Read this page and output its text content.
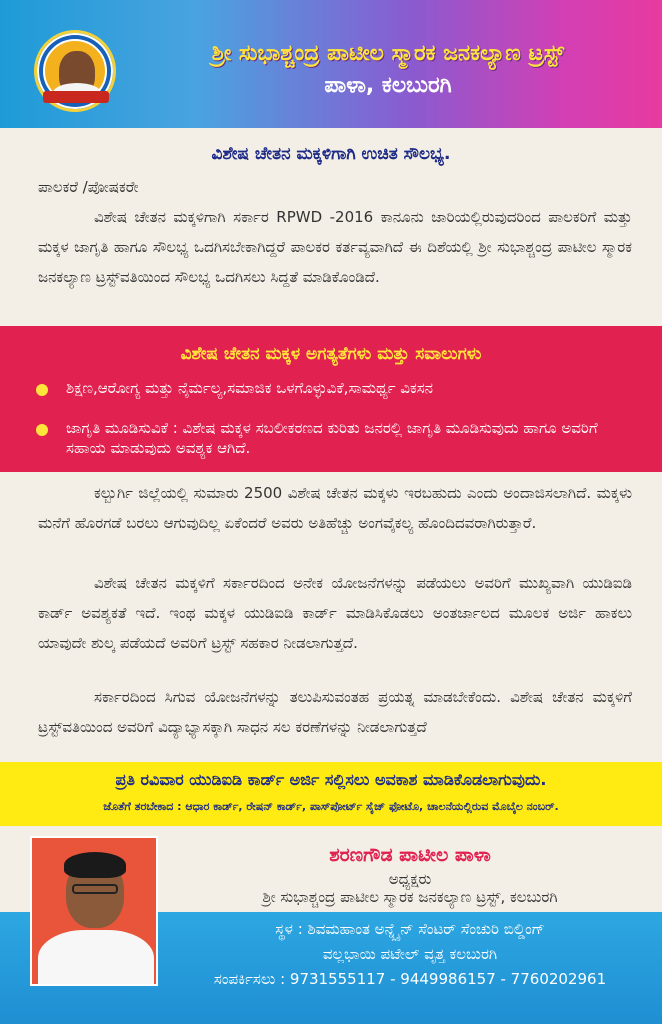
ಶ್ರೀ ಸುಭಾಶ್ಚಂದ್ರ ಪಾಟೀಲ ಸ್ಮಾರಕ ಜನಕಲ್ಯಾಣ ಟ್ರಸ್ಟ್
ಪಾಳಾ, ಕಲಬುರಗಿ
ವಿಶೇಷ ಚೇತನ ಮಕ್ಕಳಿಗಾಗಿ ಉಚಿತ ಸೌಲಭ್ಯ.
ಪಾಲಕರೆ /ಪೋಷಕರೇ
ವಿಶೇಷ ಚೇತನ ಮಕ್ಕಳಿಗಾಗಿ ಸರ್ಕಾರ RPWD -2016 ಕಾನೂನು ಜಾರಿಯಲ್ಲಿರುವುದರಿಂದ ಪಾಲಕರಿಗೆ ಮತ್ತು ಮಕ್ಕಳ ಜಾಗೃತಿ ಹಾಗೂ ಸೌಲಭ್ಯ ಒದಗಿಸಬೇಕಾಗಿದ್ದರೆ ಪಾಲಕರ ಕರ್ತವ್ಯವಾಗಿದೆ ಈ ದಿಶೆಯಲ್ಲಿ ಶ್ರೀ ಸುಭಾಶ್ಚಂದ್ರ ಪಾಟೀಲ ಸ್ಮಾರಕ ಜನಕಲ್ಯಾಣ ಟ್ರಸ್ಟ್‌ವತಿಯಿಂದ ಸೌಲಭ್ಯ ಒದಗಿಸಲು ಸಿದ್ದತೆ ಮಾಡಿಕೊಂಡಿದೆ.
ವಿಶೇಷ ಚೇತನ ಮಕ್ಕಳ ಅಗತ್ಯತೆಗಳು ಮತ್ತು ಸವಾಲುಗಳು
ಶಿಕ್ಷಣ,ಆರೋಗ್ಯ ಮತ್ತು ನೈರ್ಮಲ್ಯ,ಸಮಾಜಿಕ ಒಳಗೊಳ್ಳುವಿಕೆ,ಸಾಮರ್ಥ್ಯ ವಿಕಸನ
ಜಾಗೃತಿ ಮೂಡಿಸುವಿಕೆ : ವಿಶೇಷ ಮಕ್ಕಳ ಸಬಲೀಕರಣದ ಕುರಿತು ಜನರಲ್ಲಿ ಜಾಗೃತಿ ಮೂಡಿಸುವುದು ಹಾಗೂ ಅವರಿಗೆ ಸಹಾಯ ಮಾಡುವುದು ಅವಶ್ಯಕ ಆಗಿದೆ.
ಕಲ್ಬುರ್ಗಿ ಜಿಲ್ಲೆಯಲ್ಲಿ ಸುಮಾರು 2500 ವಿಶೇಷ ಚೇತನ ಮಕ್ಕಳು ಇರಬಹುದು ಎಂದು ಅಂದಾಜಿಸಲಾಗಿದೆ. ಮಕ್ಕಳು ಮನೆಗೆ ಹೊರಗಡೆ ಬರಲು ಆಗುವುದಿಲ್ಲ ಏಕೆಂದರೆ ಅವರು ಅತಿಹೆಚ್ಚು ಅಂಗವೈಕಲ್ಯ ಹೊಂದಿದವರಾಗಿರುತ್ತಾರೆ.
ವಿಶೇಷ ಚೇತನ ಮಕ್ಕಳಿಗೆ ಸರ್ಕಾರದಿಂದ ಅನೇಕ ಯೋಜನೆಗಳನ್ನು ಪಡೆಯಲು ಅವರಿಗೆ ಮುಖ್ಯವಾಗಿ ಯುಡಿಐಡಿ ಕಾರ್ಡ್ ಅವಶ್ಯಕತೆ ಇದೆ. ಇಂಥ ಮಕ್ಕಳ ಯುಡಿಐಡಿ ಕಾರ್ಡ್ ಮಾಡಿಸಿಕೊಡಲು ಅಂತರ್ಜಾಲದ ಮೂಲಕ ಅರ್ಜಿ ಹಾಕಲು ಯಾವುದೇ ಶುಲ್ಕ ಪಡೆಯದೆ ಅವರಿಗೆ ಟ್ರಸ್ಟ್ ಸಹಕಾರ ನೀಡಲಾಗುತ್ತದೆ.
ಸರ್ಕಾರದಿಂದ ಸಿಗುವ ಯೋಜನೆಗಳನ್ನು ತಲುಪಿಸುವಂತಹ ಪ್ರಯತ್ನ ಮಾಡಬೇಕೆಂದು. ವಿಶೇಷ ಚೇತನ ಮಕ್ಕಳಿಗೆ ಟ್ರಸ್ಟ್‌ವತಿಯಿಂದ ಅವರಿಗೆ ವಿದ್ಯಾಭ್ಯಾಸಕ್ಕಾಗಿ ಸಾಧನ ಸಲ ಕರಣೆಗಳನ್ನು ನೀಡಲಾಗುತ್ತದೆ
ಪ್ರತಿ ರವಿವಾರ ಯುಡಿಐಡಿ ಕಾರ್ಡ್ ಅರ್ಜಿ ಸಲ್ಲಿಸಲು ಅವಕಾಶ ಮಾಡಿಕೊಡಲಾಗುವುದು.
ಜೊತೆಗೆ ತರಬೇಕಾದ : ಆಧಾರ ಕಾರ್ಡ್, ರೇಷನ್ ಕಾರ್ಡ್, ಪಾಸ್‌ಪೋರ್ಟ್ ಸೈಜ್ ಫೋಟೊ, ಚಾಲನೆಯಲ್ಲಿರುವ ಮೊಬೈಲ ನಂಬರ್.
ಶರಣಗೌಡ ಪಾಟೀಲ ಪಾಳಾ
ಅಧ್ಯಕ್ಷರು
ಶ್ರೀ ಸುಭಾಶ್ಚಂದ್ರ ಪಾಟೀಲ ಸ್ಮಾರಕ ಜನಕಲ್ಯಾಣ ಟ್ರಸ್ಟ್, ಕಲಬುರಗಿ
ಸ್ಥಳ : ಶಿವಮಹಾಂತ ಅನ್ನ್ಲೈನ್ ಸೆಂಟರ್ ಸೆಂಚುರಿ ಬಿಲ್ಡಿಂಗ್
ವಲ್ಲಭಾಯಿ ಪಟೇಲ್ ವೃತ್ತ ಕಲಬುರಗಿ
ಸಂಪರ್ಕಿಸಲು : 9731555117 - 9449986157 - 7760202961
